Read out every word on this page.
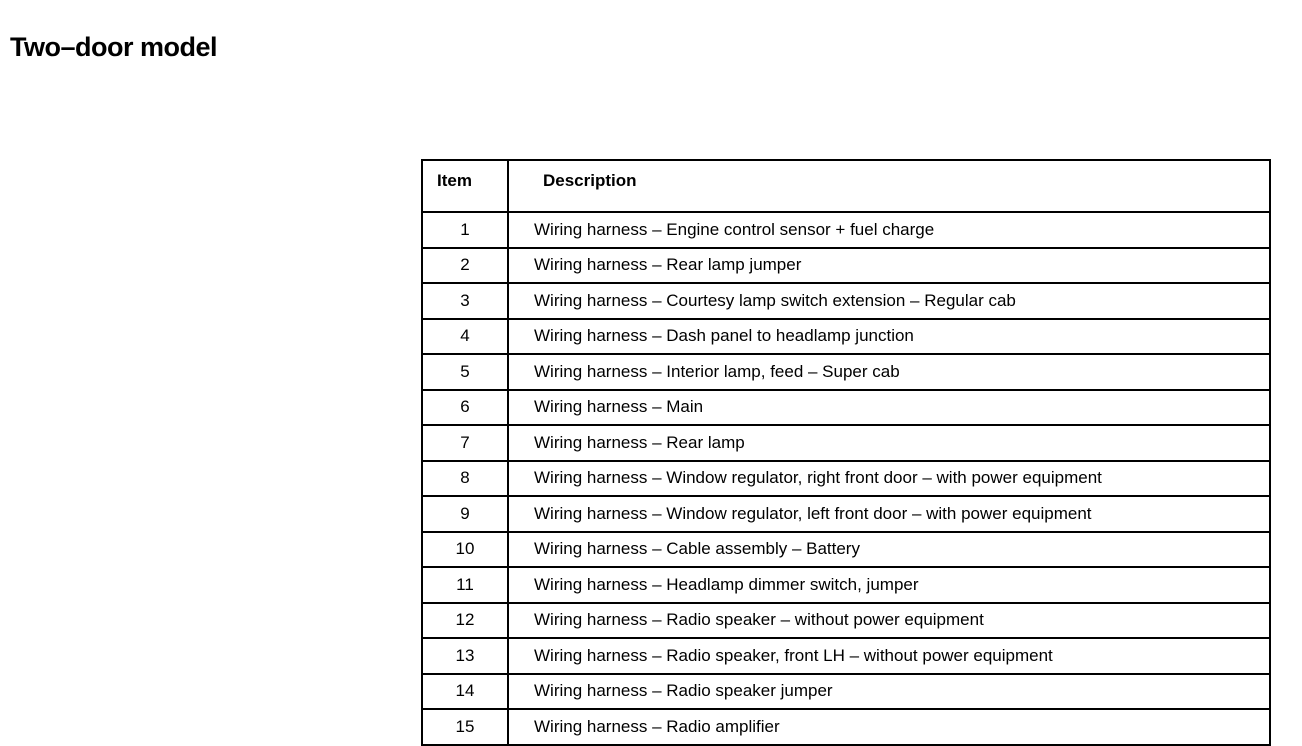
Two–door model
Item	Description
1	Wiring harness – Engine control sensor + fuel charge
2	Wiring harness – Rear lamp jumper
3	Wiring harness – Courtesy lamp switch extension – Regular cab
4	Wiring harness – Dash panel to headlamp junction
5	Wiring harness – Interior lamp, feed – Super cab
6	Wiring harness – Main
7	Wiring harness – Rear lamp
8	Wiring harness – Window regulator, right front door – with power equipment
9	Wiring harness – Window regulator, left front door – with power equipment
10	Wiring harness – Cable assembly – Battery
11	Wiring harness – Headlamp dimmer switch, jumper
12	Wiring harness – Radio speaker – without power equipment
13	Wiring harness – Radio speaker, front LH – without power equipment
14	Wiring harness – Radio speaker jumper
15	Wiring harness – Radio amplifier
